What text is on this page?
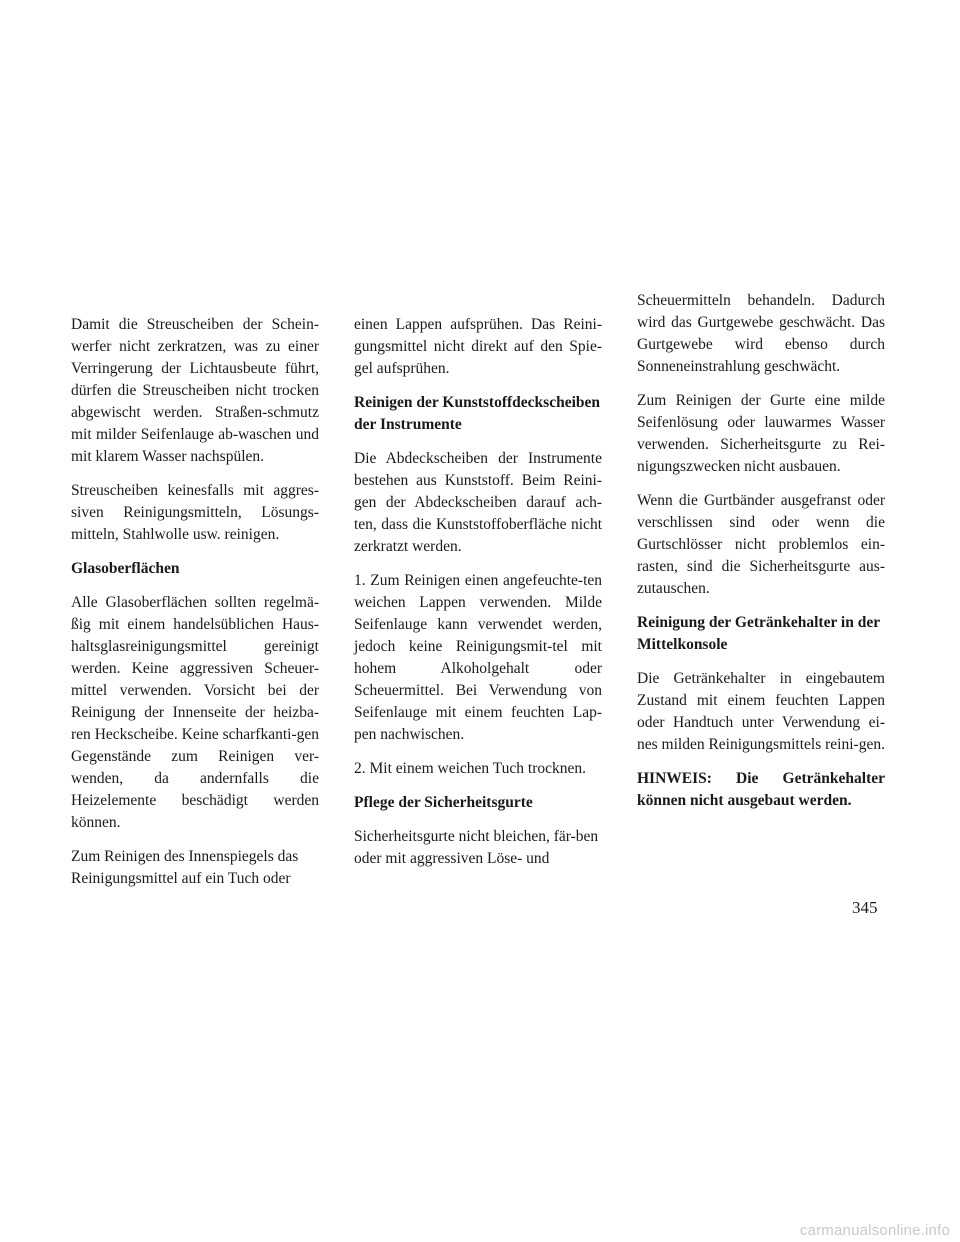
Damit die Streuscheiben der Schein-werfer nicht zerkratzen, was zu einer Verringerung der Lichtausbeute führt, dürfen die Streuscheiben nicht trocken abgewischt werden. Straßen-schmutz mit milder Seifenlauge ab-waschen und mit klarem Wasser nachspülen.

Streuscheiben keinesfalls mit aggres-siven Reinigungsmitteln, Lösungs-mitteln, Stahlwolle usw. reinigen.

Glasoberflächen

Alle Glasoberflächen sollten regelmä-ßig mit einem handelsüblichen Haus-haltsglasreinigungsmittel gereinigt werden. Keine aggressiven Scheuer-mittel verwenden. Vorsicht bei der Reinigung der Innenseite der heizba-ren Heckscheibe. Keine scharfkanti-gen Gegenstände zum Reinigen ver-wenden, da andernfalls die Heizelemente beschädigt werden können.

Zum Reinigen des Innenspiegels das Reinigungsmittel auf ein Tuch oder

einen Lappen aufsprühen. Das Reini-gungsmittel nicht direkt auf den Spie-gel aufsprühen.

Reinigen der Kunststoffdeckscheiben der Instrumente

Die Abdeckscheiben der Instrumente bestehen aus Kunststoff. Beim Reini-gen der Abdeckscheiben darauf ach-ten, dass die Kunststoffoberfläche nicht zerkratzt werden.

1. Zum Reinigen einen angefeuchte-ten weichen Lappen verwenden. Milde Seifenlauge kann verwendet werden, jedoch keine Reinigungsmit-tel mit hohem Alkoholgehalt oder Scheuermittel. Bei Verwendung von Seifenlauge mit einem feuchten Lap-pen nachwischen.

2. Mit einem weichen Tuch trocknen.

Pflege der Sicherheitsgurte

Sicherheitsgurte nicht bleichen, fär-ben oder mit aggressiven Löse- und

Scheuermitteln behandeln. Dadurch wird das Gurtgewebe geschwächt. Das Gurtgewebe wird ebenso durch Sonneneinstrahlung geschwächt.

Zum Reinigen der Gurte eine milde Seifenlösung oder lauwarmes Wasser verwenden. Sicherheitsgurte zu Rei-nigungszwecken nicht ausbauen.

Wenn die Gurtbänder ausgefranst oder verschlissen sind oder wenn die Gurtschlösser nicht problemlos ein-rasten, sind die Sicherheitsgurte aus-zutauschen.

Reinigung der Getränkehalter in der Mittelkonsole

Die Getränkehalter in eingebautem Zustand mit einem feuchten Lappen oder Handtuch unter Verwendung ei-nes milden Reinigungsmittels reini-gen.

HINWEIS: Die Getränkehalter können nicht ausgebaut werden.

345
carmanualsonline.info
